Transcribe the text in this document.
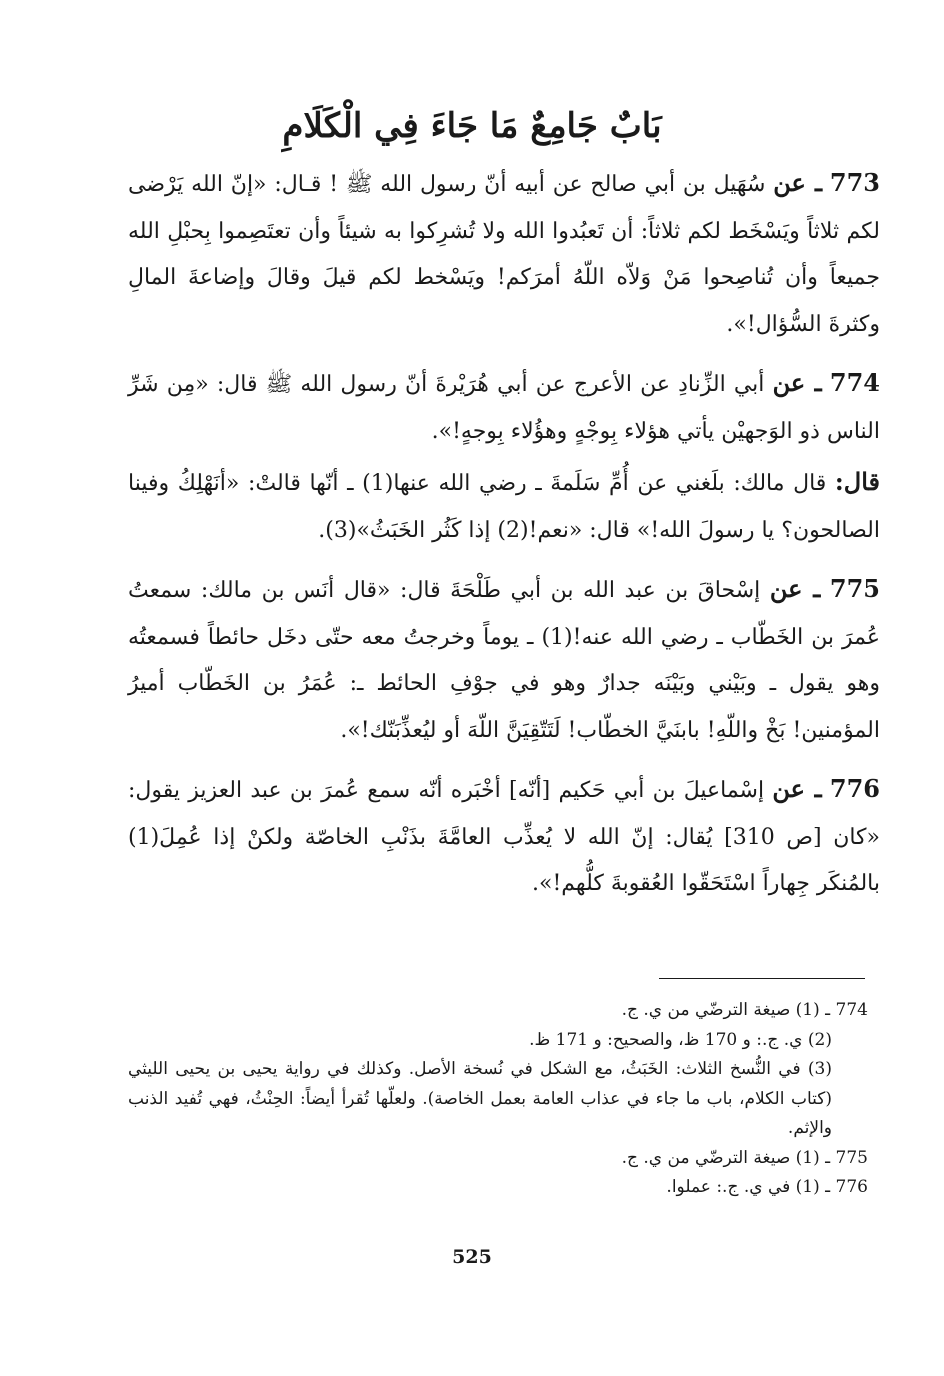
بَابٌ جَامِعٌ مَا جَاءَ فِي الْكَلَامِ

773 ـ عن سُهَيل بن أبي صالح عن أبيه أنّ رسول الله ﷺ ! قـال: «إنّ الله يَرْضى لكم ثلاثاً ويَسْخَط لكم ثلاثاً: أن تَعبُدوا الله ولا تُشرِكوا به شيئاً وأن تعتَصِموا بِحبْلِ الله جميعاً وأن تُناصِحوا مَنْ وَلاّه اللّهُ أمرَكم! ويَسْخط لكم قيلَ وقالَ وإضاعةَ المالِ وكثرةَ السُّؤال!».

774 ـ عن أبي الزِّنادِ عن الأعرج عن أبي هُرَيْرةَ أنّ رسول الله ﷺ قال: «مِن شَرِّ الناس ذو الوَجهيْن يأتي هؤلاء بِوجْهٍ وهؤُلاء بِوجهٍ!».

قال: قال مالك: بلَغني عن أُمِّ سَلَمةَ ـ رضي الله عنها(1) ـ أنّها قالتْ: «أنَهْلِكُ وفينا الصالحون؟ يا رسولَ الله!» قال: «نعم!(2) إذا كَثُر الخَبَثُ»(3).

775 ـ عن إسْحاقَ بن عبد الله بن أبي طَلْحَةَ قال: «قال أنَس بن مالك: سمعتُ عُمرَ بن الخَطّاب ـ رضي الله عنه!(1) ـ يوماً وخرجتُ معه حتّى دخَل حائطاً فسمعتُه وهو يقول ـ وبَيْني وبَيْنَه جدارٌ وهو في جوْفِ الحائط ـ: عُمَرُ بن الخَطّاب أميرُ المؤمنين! بَخْ واللّهِ! بابنَيَّ الخطّاب! لَتَتّقِيَنَّ اللّهَ أو ليُعذِّبَنّك!».

776 ـ عن إسْماعيلَ بن أبي حَكيم [أنّه] أخْبَره أنّه سمع عُمرَ بن عبد العزيز يقول: «كان [ص 310] يُقال: إنّ الله لا يُعذِّب العامَّةَ بذَنْبِ الخاصّة ولكنْ إذا عُمِلَ(1) بالمُنكَر جِهاراً اسْتَحَقّوا العُقوبةَ كلُّهم!».

774 ـ (1) صيغة الترضّي من ي. ج.

(2) ي. ج.: و 170 ظ، والصحيح: و 171 ظ.

(3) في النُّسخ الثلاث: الخَبَثُ، مع الشكل في نُسخة الأصل. وكذلك في رواية يحيى بن يحيى الليثي (كتاب الكلام، باب ما جاء في عذاب العامة بعمل الخاصة). ولعلّها تُقرأ أيضاً: الحِنْثُ، فهي تُفيد الذنب والإثم.

775 ـ (1) صيغة الترضّي من ي. ج.

776 ـ (1) في ي. ج.: عملوا.

525
